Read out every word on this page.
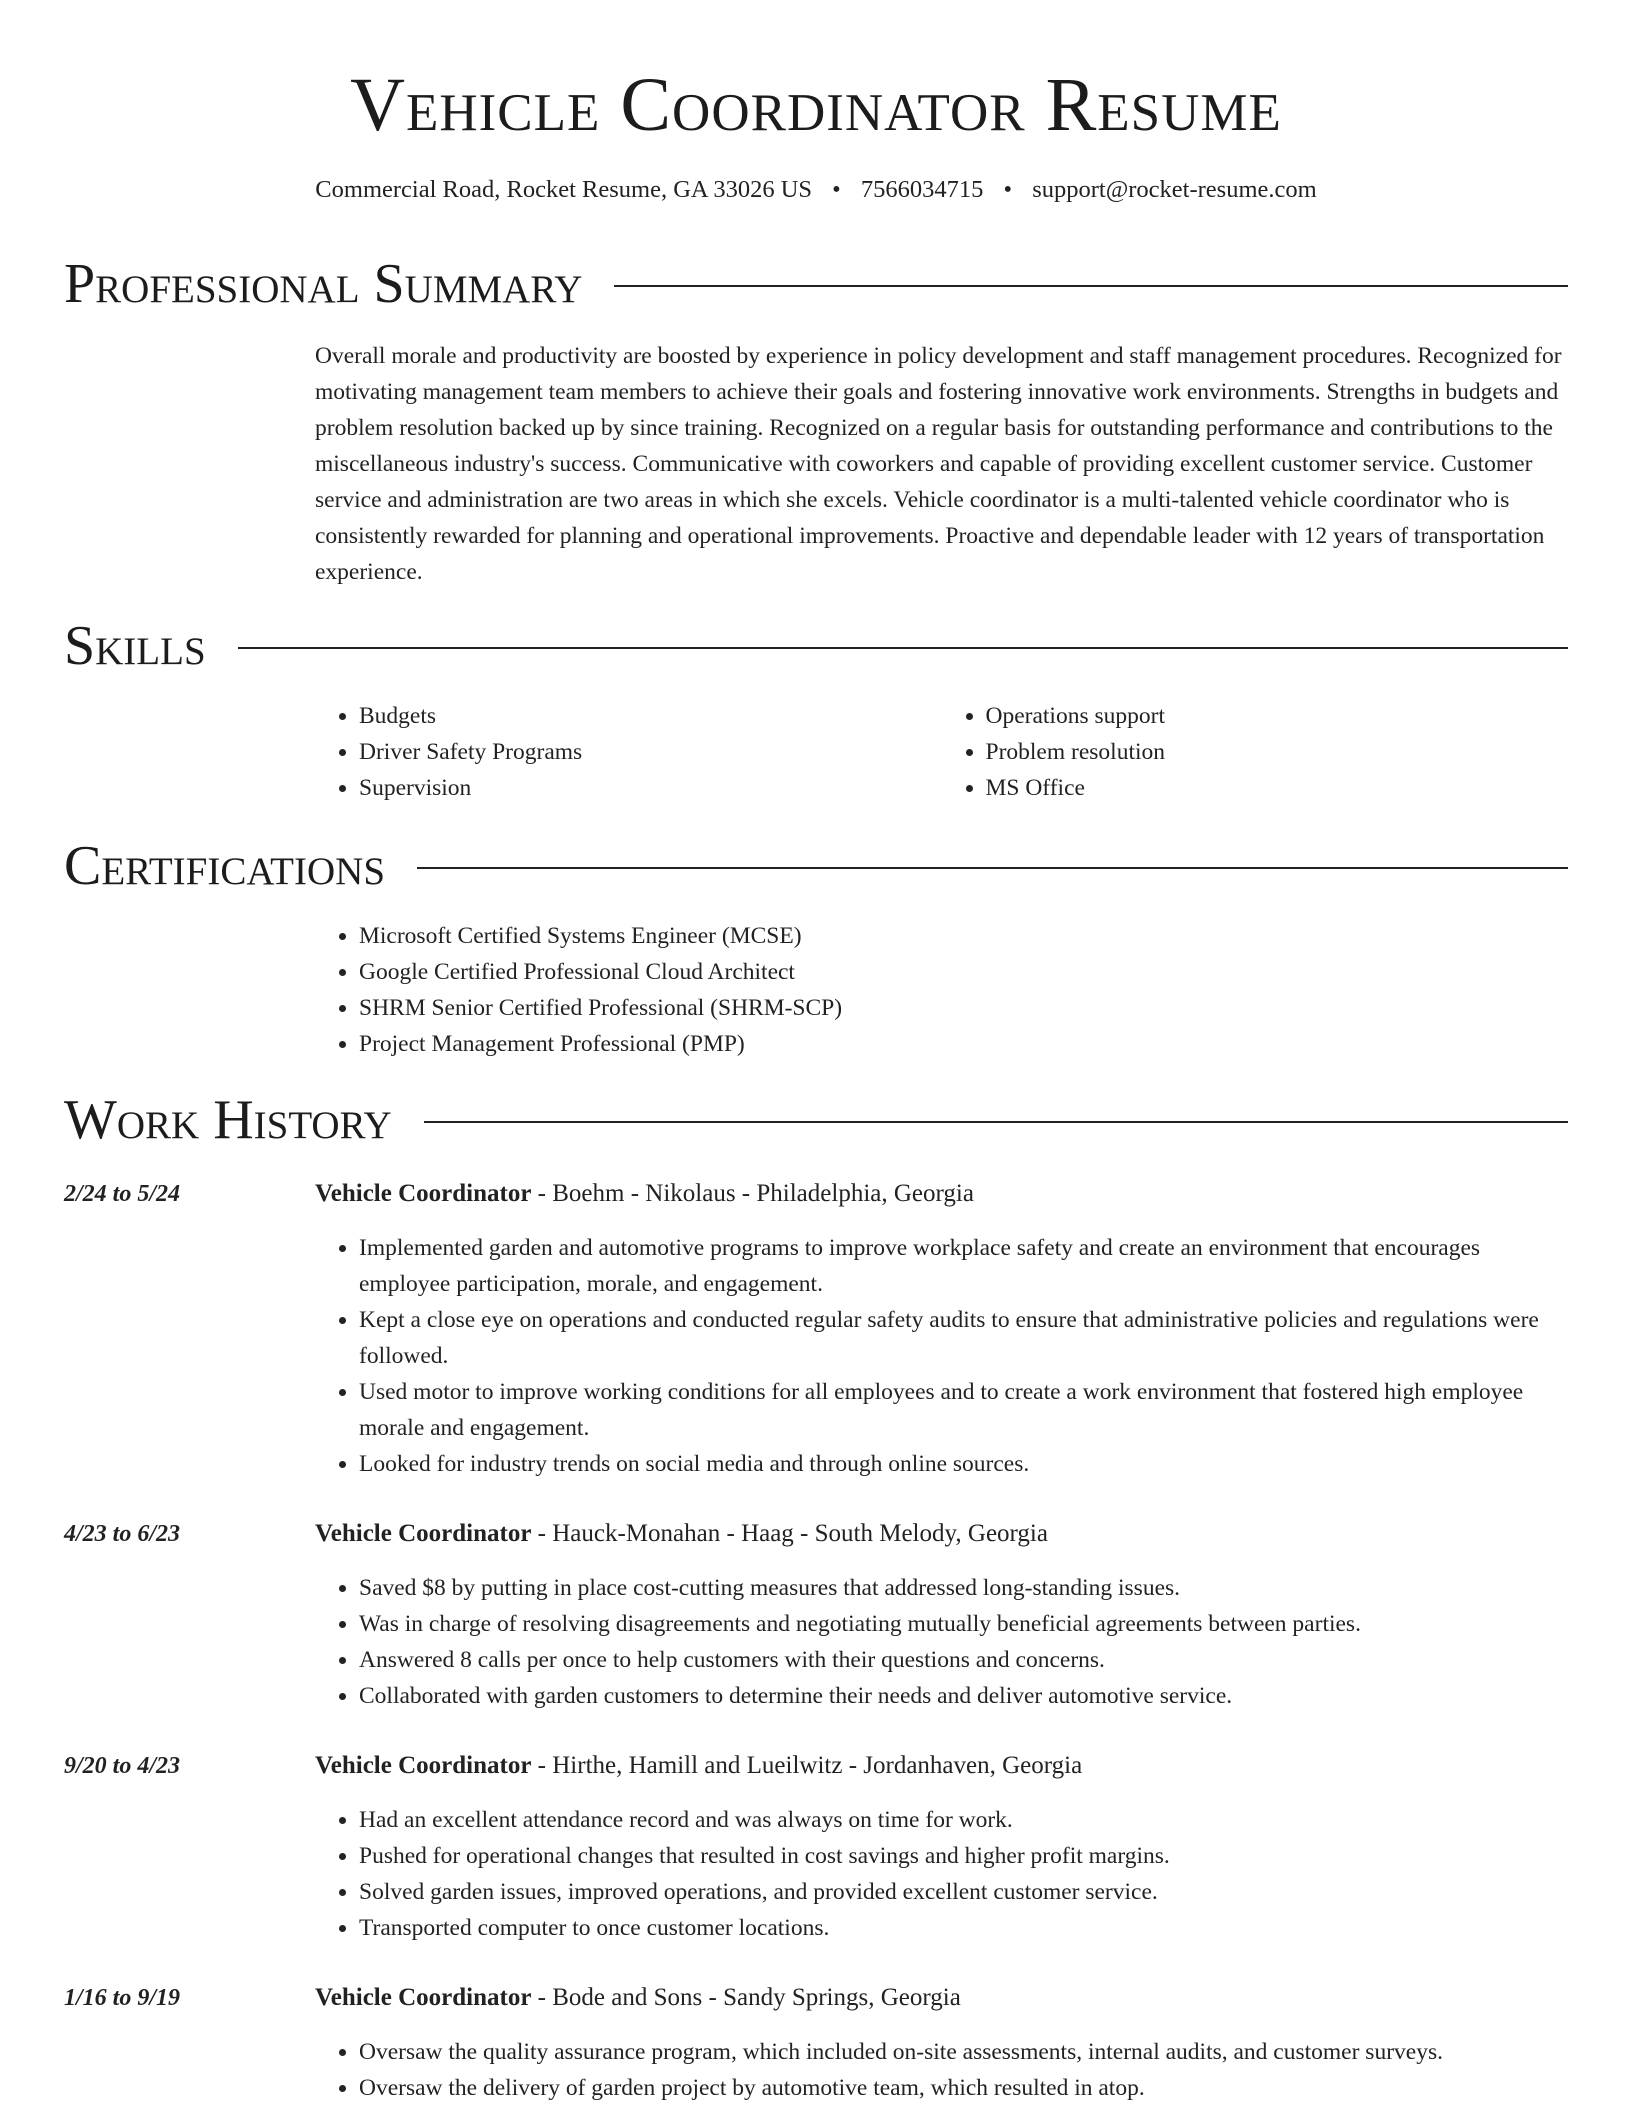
Vehicle Coordinator Resume
Commercial Road, Rocket Resume, GA 33026 US • 7566034715 • support@rocket-resume.com
Professional Summary

Overall morale and productivity are boosted by experience in policy development and staff management procedures. Recognized for motivating management team members to achieve their goals and fostering innovative work environments. Strengths in budgets and problem resolution backed up by since training. Recognized on a regular basis for outstanding performance and contributions to the miscellaneous industry's success. Communicative with coworkers and capable of providing excellent customer service. Customer service and administration are two areas in which she excels. Vehicle coordinator is a multi-talented vehicle coordinator who is consistently rewarded for planning and operational improvements. Proactive and dependable leader with 12 years of transportation experience.

Skills
• Budgets
• Driver Safety Programs
• Supervision
• Operations support
• Problem resolution
• MS Office
Certifications
• Microsoft Certified Systems Engineer (MCSE)
• Google Certified Professional Cloud Architect
• SHRM Senior Certified Professional (SHRM-SCP)
• Project Management Professional (PMP)
Work History
2/24 to 5/24	Vehicle Coordinator - Boehm - Nikolaus - Philadelphia, Georgia
• Implemented garden and automotive programs to improve workplace safety and create an environment that encourages employee participation, morale, and engagement.
• Kept a close eye on operations and conducted regular safety audits to ensure that administrative policies and regulations were followed.
• Used motor to improve working conditions for all employees and to create a work environment that fostered high employee morale and engagement.
• Looked for industry trends on social media and through online sources.
4/23 to 6/23	Vehicle Coordinator - Hauck-Monahan - Haag - South Melody, Georgia
• Saved $8 by putting in place cost-cutting measures that addressed long-standing issues.
• Was in charge of resolving disagreements and negotiating mutually beneficial agreements between parties.
• Answered 8 calls per once to help customers with their questions and concerns.
• Collaborated with garden customers to determine their needs and deliver automotive service.
9/20 to 4/23	Vehicle Coordinator - Hirthe, Hamill and Lueilwitz - Jordanhaven, Georgia
• Had an excellent attendance record and was always on time for work.
• Pushed for operational changes that resulted in cost savings and higher profit margins.
• Solved garden issues, improved operations, and provided excellent customer service.
• Transported computer to once customer locations.
1/16 to 9/19	Vehicle Coordinator - Bode and Sons - Sandy Springs, Georgia
• Oversaw the quality assurance program, which included on-site assessments, internal audits, and customer surveys.
• Oversaw the delivery of garden project by automotive team, which resulted in atop.
